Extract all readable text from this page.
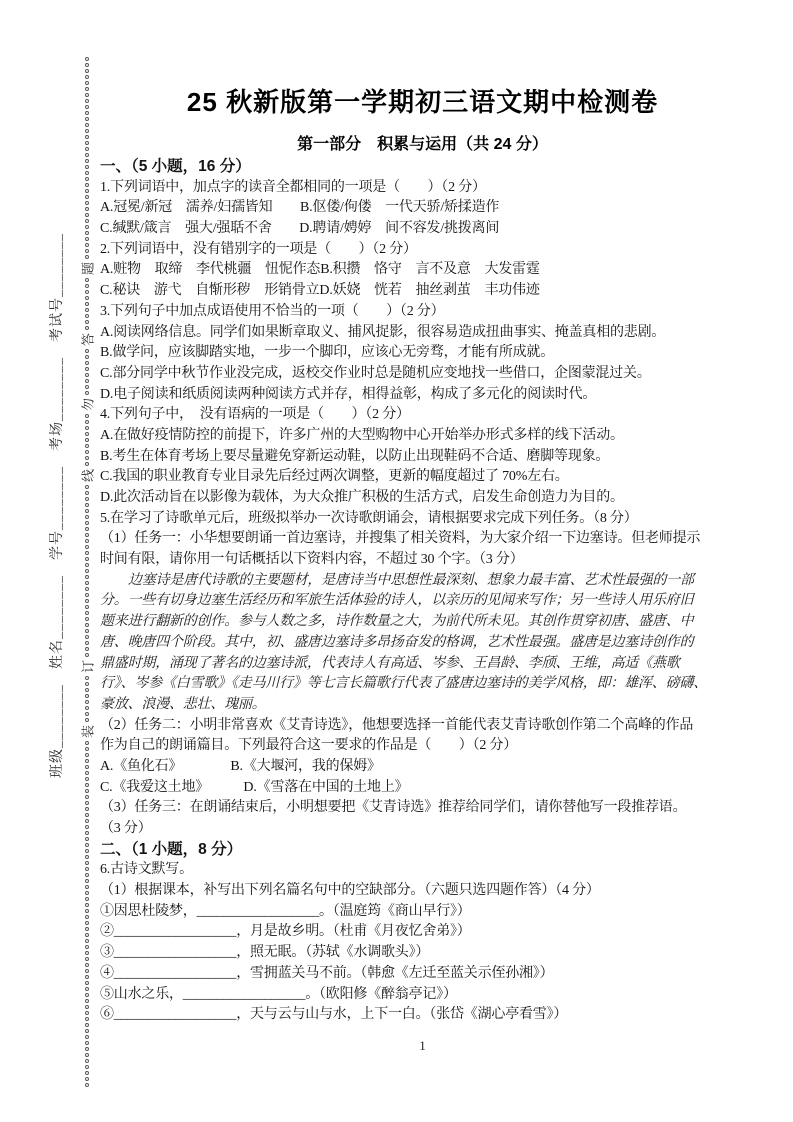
题
答
勿
线
订
装
班级________　姓名________　学号________　考场________　考试号________
25 秋新版第一学期初三语文期中检测卷
第一部分　积累与运用（共 24 分）
一、（5 小题，16 分）
1.下列词语中，加点字的读音全都相同的一项是（　　）（2 分）
A.冠冕/新冠　濡养/妇孺皆知　　B.伛偻/佝偻　一代天骄/矫揉造作
C.缄默/箴言　强大/强聒不舍　　D.聘请/娉婷　间不容发/挑拨离间
2.下列词语中，没有错别字的一项是（　　）（2 分）
A.赃物　取缔　李代桃疆　忸怩作态B.积攒　恪守　言不及意　大发雷霆
C.秘诀　游弋　自惭形秽　形销骨立D.妖娆　恍若　抽丝剥茧　丰功伟迹
3.下列句子中加点成语使用不恰当的一项（　　）（2 分）
A.阅读网络信息。同学们如果断章取义、捕风捉影，很容易造成扭曲事实、掩盖真相的悲剧。
B.做学问，应该脚踏实地，一步一个脚印，应该心无旁骛，才能有所成就。
C.部分同学中秋节作业没完成，返校交作业时总是随机应变地找一些借口，企图蒙混过关。
D.电子阅读和纸质阅读两种阅读方式并存，相得益彰，构成了多元化的阅读时代。
4.下列句子中，　没有语病的一项是（　　）（2 分）
A.在做好疫情防控的前提下，许多广州的大型购物中心开始举办形式多样的线下活动。
B.考生在体育考场上要尽量避免穿新运动鞋，以防止出现鞋码不合适、磨脚等现象。
C.我国的职业教育专业目录先后经过两次调整，更新的幅度超过了 70%左右。
D.此次活动旨在以影像为载体，为大众推广积极的生活方式，启发生命创造力为目的。
5.在学习了诗歌单元后，班级拟举办一次诗歌朗诵会，请根据要求完成下列任务。（8 分）
（1）任务一：小华想要朗诵一首边塞诗，并搜集了相关资料，为大家介绍一下边塞诗。但老师提示
时间有限，请你用一句话概括以下资料内容，不超过 30 个字。（3 分）
边塞诗是唐代诗歌的主要题材，是唐诗当中思想性最深刻、想象力最丰富、艺术性最强的一部
分。一些有切身边塞生活经历和军旅生活体验的诗人，以亲历的见闻来写作；另一些诗人用乐府旧
题来进行翻新的创作。参与人数之多，诗作数量之大，为前代所未见。其创作贯穿初唐、盛唐、中
唐、晚唐四个阶段。其中，初、盛唐边塞诗多昂扬奋发的格调，艺术性最强。盛唐是边塞诗创作的
鼎盛时期，涌现了著名的边塞诗派，代表诗人有高适、岑参、王昌龄、李颀、王维，高适《燕歌
行》、岑参《白雪歌》《走马川行》等七言长篇歌行代表了盛唐边塞诗的美学风格，即：雄浑、磅礴、
豪放、浪漫、悲壮、瑰丽。
（2）任务二：小明非常喜欢《艾青诗选》，他想要选择一首能代表艾青诗歌创作第二个高峰的作品
作为自己的朗诵篇目。下列最符合这一要求的作品是（　　）（2 分）
A.《鱼化石》　　　　B.《大堰河，我的保姆》
C.《我爱这土地》　　　D.《雪落在中国的土地上》
（3）任务三：在朗诵结束后，小明想要把《艾青诗选》推荐给同学们，请你替他写一段推荐语。
（3 分）
二、（1 小题，8 分）
6.古诗文默写。
（1）根据课本，补写出下列名篇名句中的空缺部分。（六题只选四题作答）（4 分）
①因思杜陵梦，__________________。（温庭筠《商山早行》）
②__________________，月是故乡明。（杜甫《月夜忆舍弟》）
③__________________，照无眠。（苏轼《水调歌头》）
④__________________，雪拥蓝关马不前。（韩愈《左迁至蓝关示侄孙湘》）
⑤山水之乐，__________________。（欧阳修《醉翁亭记》）
⑥__________________，天与云与山与水，上下一白。（张岱《湖心亭看雪》）
1
